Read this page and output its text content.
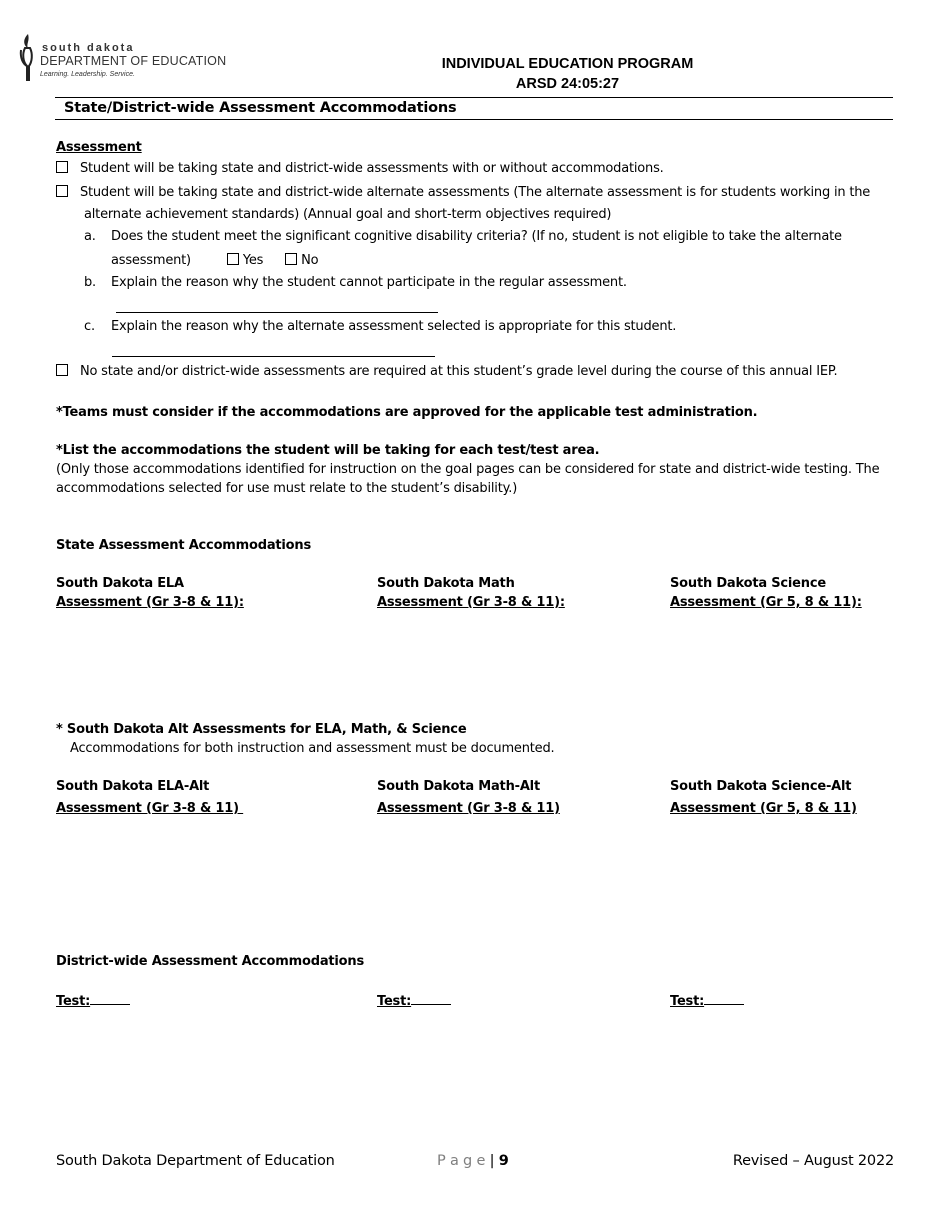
south dakota
DEPARTMENT OF EDUCATION
Learning. Leadership. Service.
INDIVIDUAL EDUCATION PROGRAM
ARSD 24:05:27
State/District-wide Assessment Accommodations
Assessment
Student will be taking state and district-wide assessments with or without accommodations.
Student will be taking state and district-wide alternate assessments (The alternate assessment is for students working in the
alternate achievement standards) (Annual goal and short-term objectives required)
a. Does the student meet the significant cognitive disability criteria? (If no, student is not eligible to take the alternate
assessment)	Yes	No
b. Explain the reason why the student cannot participate in the regular assessment.
c. Explain the reason why the alternate assessment selected is appropriate for this student.
No state and/or district-wide assessments are required at this student’s grade level during the course of this annual IEP.
*Teams must consider if the accommodations are approved for the applicable test administration.
*List the accommodations the student will be taking for each test/test area.
(Only those accommodations identified for instruction on the goal pages can be considered for state and district-wide testing. The
accommodations selected for use must relate to the student’s disability.)
State Assessment Accommodations
South Dakota ELA
Assessment (Gr 3-8 & 11):
South Dakota Math
Assessment (Gr 3-8 & 11):
South Dakota Science
Assessment (Gr 5, 8 & 11):
* South Dakota Alt Assessments for ELA, Math, & Science
Accommodations for both instruction and assessment must be documented.
South Dakota ELA-Alt
Assessment (Gr 3-8 & 11)
South Dakota Math-Alt
Assessment (Gr 3-8 & 11)
South Dakota Science-Alt
Assessment (Gr 5, 8 & 11)
District-wide Assessment Accommodations
Test:	Test:	Test:
South Dakota Department of Education	P a g e | 9	Revised – August 2022
